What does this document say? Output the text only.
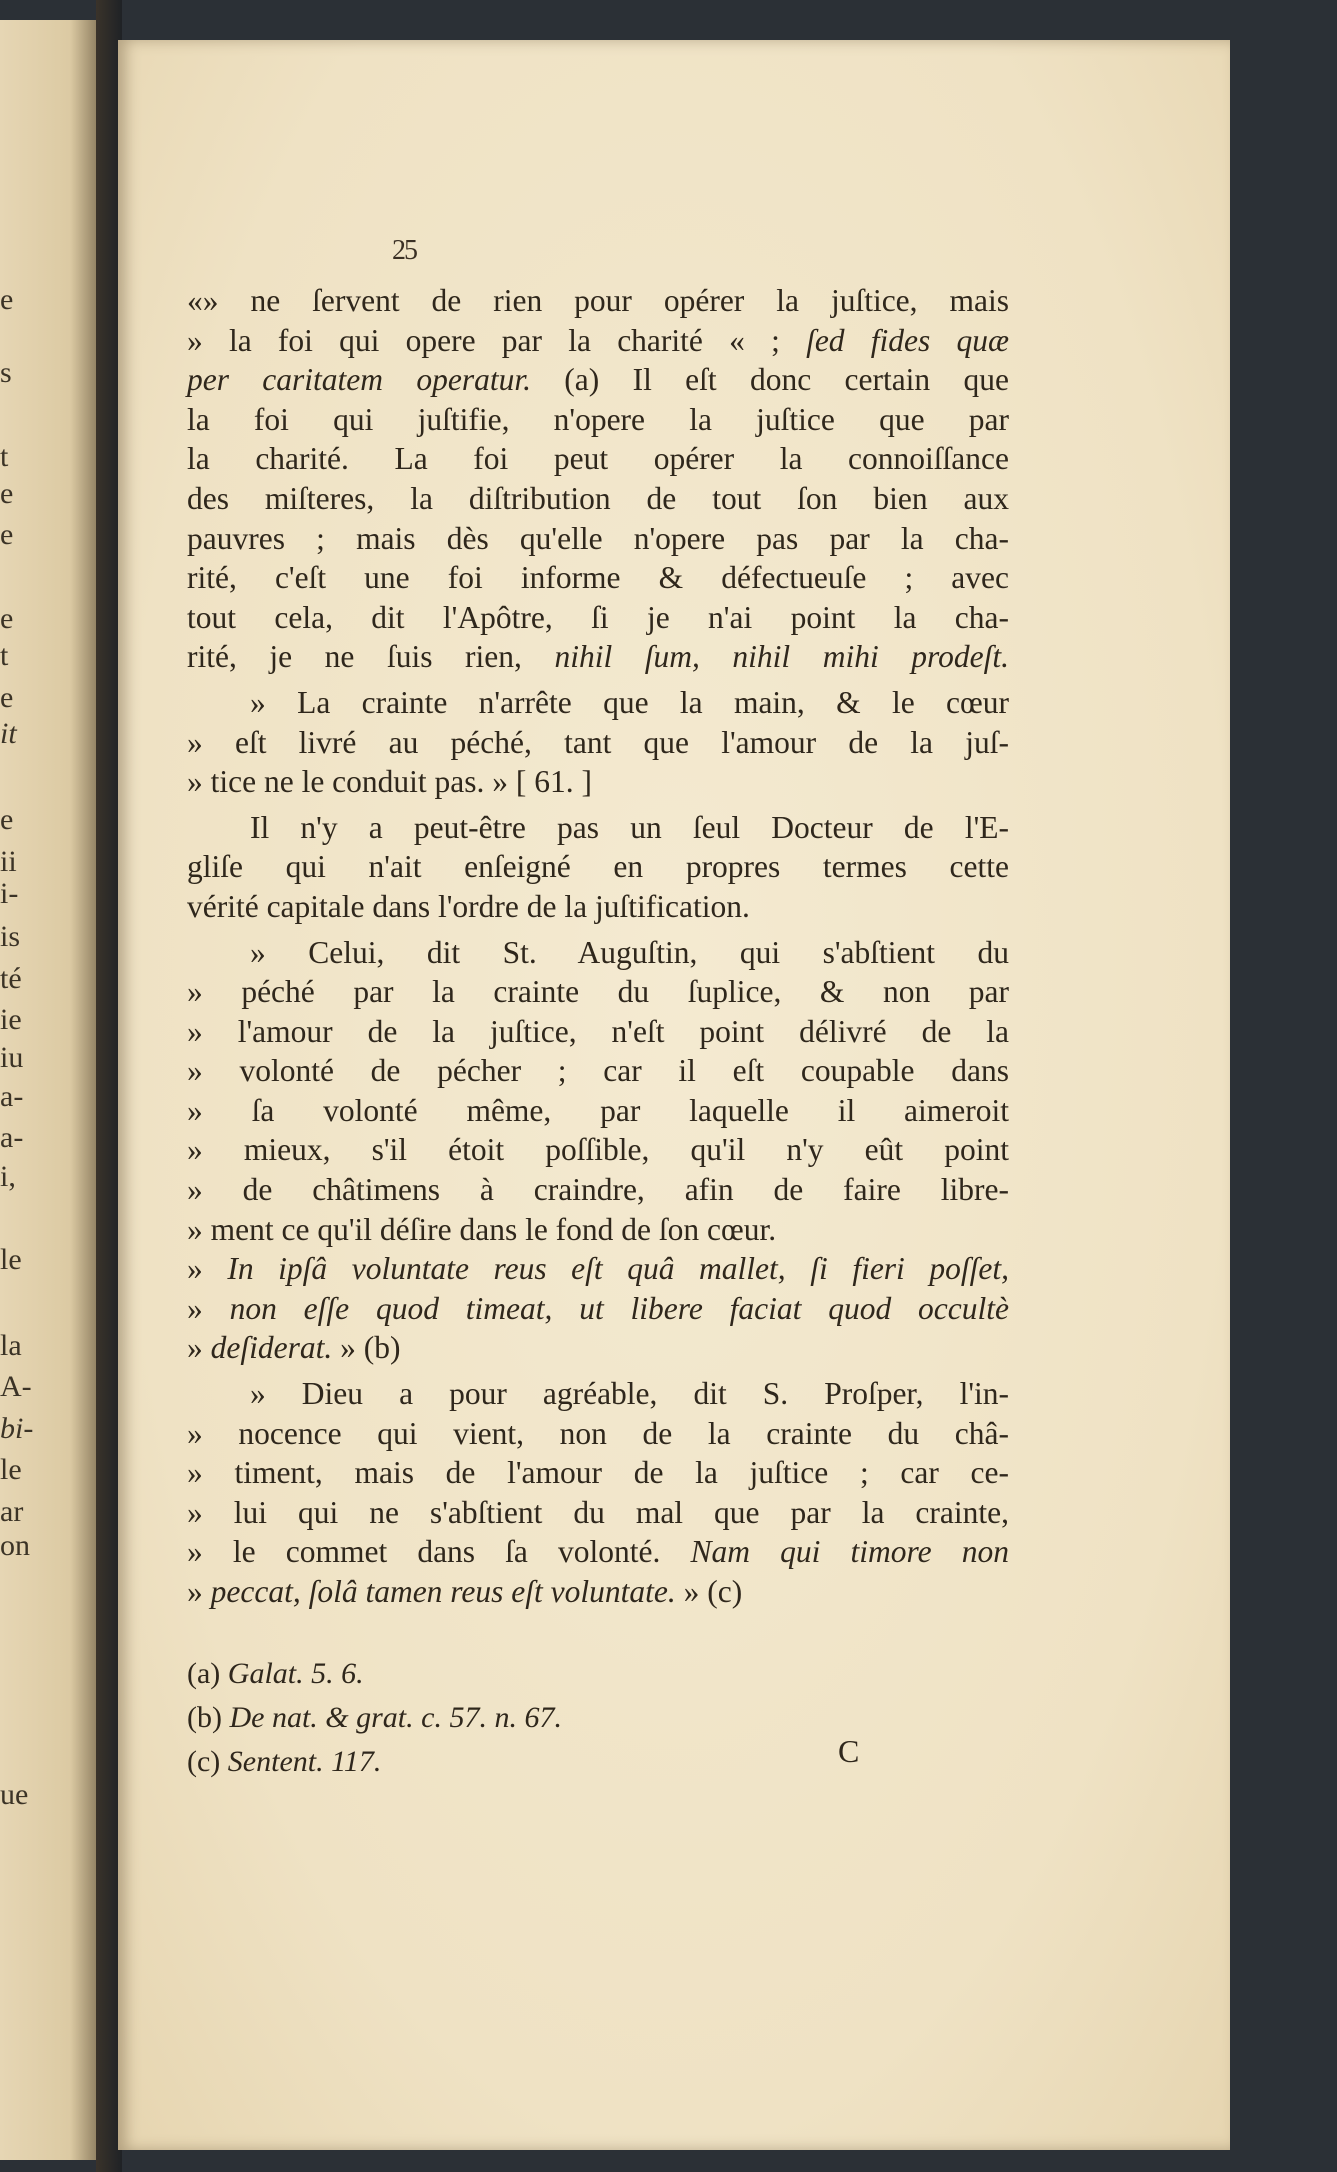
e
s
t
e
e
e
t
e
it
e
ii
i-
is
té
ie
iu
a-
a-
i,
le
la
A-
bi-
le
ar
on
ue
25
«» ne ſervent de rien pour opérer la juſtice, mais
» la foi qui opere par la charité « ; ſed fides quæ
per caritatem operatur. (a) Il eſt donc certain que
la foi qui juſtifie, n'opere la juſtice que par
la charité. La foi peut opérer la connoiſſance
des miſteres, la diſtribution de tout ſon bien aux
pauvres ; mais dès qu'elle n'opere pas par la cha-
rité, c'eſt une foi informe & défectueuſe ; avec
tout cela, dit l'Apôtre, ſi je n'ai point la cha-
rité, je ne ſuis rien, nihil ſum, nihil mihi prodeſt.
  » La crainte n'arrête que la main, & le cœur
» eſt livré au péché, tant que l'amour de la juſ-
» tice ne le conduit pas. » [ 61. ]
  Il n'y a peut-être pas un ſeul Docteur de l'E-
gliſe qui n'ait enſeigné en propres termes cette
vérité capitale dans l'ordre de la juſtification.
  » Celui, dit St. Auguſtin, qui s'abſtient du
» péché par la crainte du ſuplice, & non par
» l'amour de la juſtice, n'eſt point délivré de la
» volonté de pécher ; car il eſt coupable dans
» ſa volonté même, par laquelle il aimeroit
» mieux, s'il étoit poſſible, qu'il n'y eût point
» de châtimens à craindre, afin de faire libre-
» ment ce qu'il déſire dans le fond de ſon cœur.
» In ipſâ voluntate reus eſt quâ mallet, ſi fieri poſſet,
» non eſſe quod timeat, ut libere faciat quod occultè
» deſiderat. » (b)
  » Dieu a pour agréable, dit S. Proſper, l'in-
» nocence qui vient, non de la crainte du châ-
» timent, mais de l'amour de la juſtice ; car ce-
» lui qui ne s'abſtient du mal que par la crainte,
» le commet dans ſa volonté. Nam qui timore non
» peccat, ſolâ tamen reus eſt voluntate. » (c)
(a) Galat. 5. 6.
(b) De nat. & grat. c. 57. n. 67.
(c) Sentent. 117.	C
